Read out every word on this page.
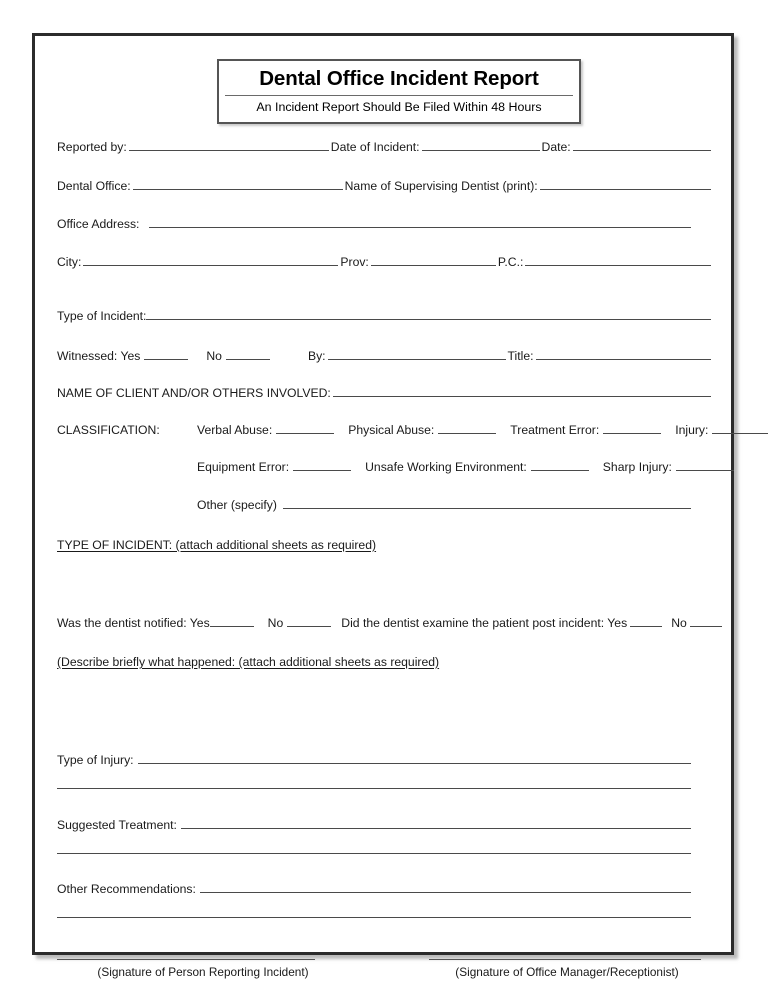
Dental Office Incident Report
An Incident Report Should Be Filed Within 48 Hours
Reported by:	Date of Incident:	Date:
Dental Office:	Name of Supervising Dentist (print):
Office Address:
City:	Prov:	P.C.:
Type of Incident:
Witnessed: Yes	No	By:	Title:
NAME OF CLIENT AND/OR OTHERS INVOLVED:
CLASSIFICATION:	Verbal Abuse:	Physical Abuse:	Treatment Error:	Injury:
Equipment Error:	Unsafe Working Environment:	Sharp Injury:
Other (specify)
TYPE OF INCIDENT: (attach additional sheets as required)
Was the dentist notified: Yes	No	Did the dentist examine the patient post incident: Yes	No
(Describe briefly what happened: (attach additional sheets as required)
Type of Injury:
Suggested Treatment:
Other Recommendations:
(Signature of Person Reporting Incident)	(Signature of Office Manager/Receptionist)
